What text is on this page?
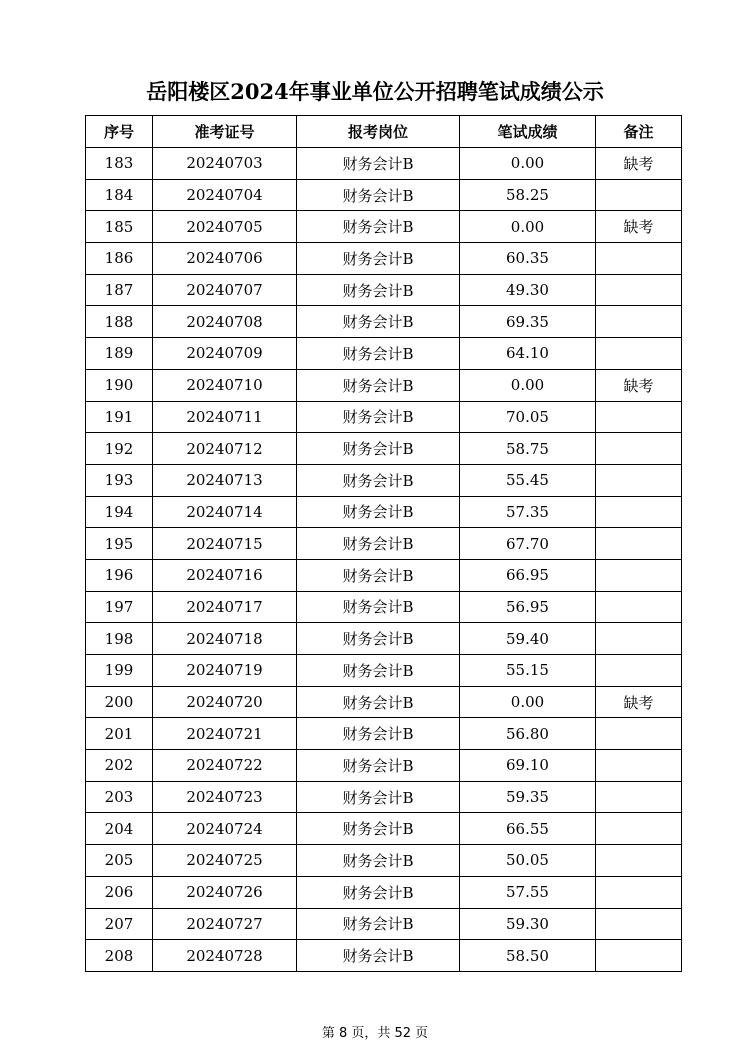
岳阳楼区2024年事业单位公开招聘笔试成绩公示
序号	准考证号	报考岗位	笔试成绩	备注
183	20240703	财务会计B	0.00	缺考
184	20240704	财务会计B	58.25	
185	20240705	财务会计B	0.00	缺考
186	20240706	财务会计B	60.35	
187	20240707	财务会计B	49.30	
188	20240708	财务会计B	69.35	
189	20240709	财务会计B	64.10	
190	20240710	财务会计B	0.00	缺考
191	20240711	财务会计B	70.05	
192	20240712	财务会计B	58.75	
193	20240713	财务会计B	55.45	
194	20240714	财务会计B	57.35	
195	20240715	财务会计B	67.70	
196	20240716	财务会计B	66.95	
197	20240717	财务会计B	56.95	
198	20240718	财务会计B	59.40	
199	20240719	财务会计B	55.15	
200	20240720	财务会计B	0.00	缺考
201	20240721	财务会计B	56.80	
202	20240722	财务会计B	69.10	
203	20240723	财务会计B	59.35	
204	20240724	财务会计B	66.55	
205	20240725	财务会计B	50.05	
206	20240726	财务会计B	57.55	
207	20240727	财务会计B	59.30	
208	20240728	财务会计B	58.50	
第 8 页，共 52 页
